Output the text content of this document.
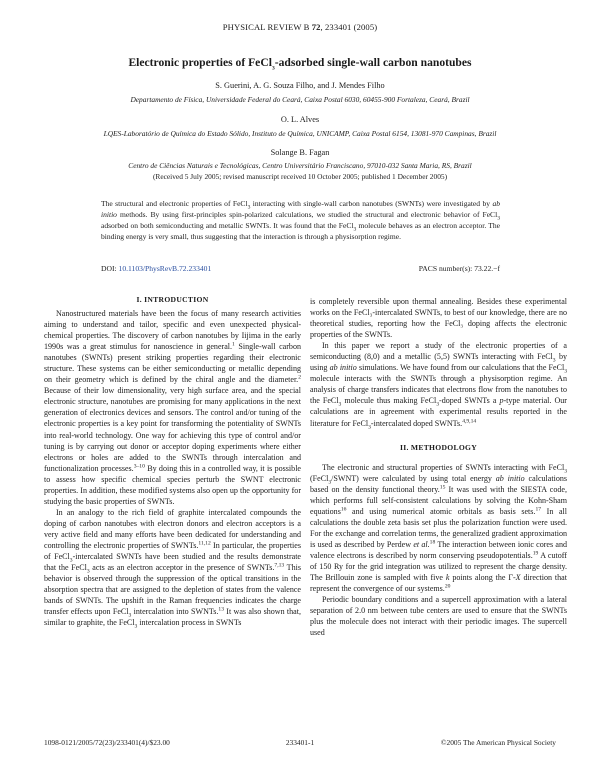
PHYSICAL REVIEW B 72, 233401 (2005)
Electronic properties of FeCl$_3$-adsorbed single-wall carbon nanotubes
S. Guerini, A. G. Souza Filho, and J. Mendes Filho
Departamento de Física, Universidade Federal do Ceará, Caixa Postal 6030, 60455-900 Fortaleza, Ceará, Brazil
O. L. Alves
LQES-Laboratório de Química do Estado Sólido, Instituto de Química, UNICAMP, Caixa Postal 6154, 13081-970 Campinas, Brazil
Solange B. Fagan
Centro de Ciências Naturais e Tecnológicas, Centro Universitário Franciscano, 97010-032 Santa Maria, RS, Brazil
(Received 5 July 2005; revised manuscript received 10 October 2005; published 1 December 2005)
The structural and electronic properties of FeCl$_3$ interacting with single-wall carbon nanotubes (SWNTs) were investigated by ab initio methods. By using first-principles spin-polarized calculations, we studied the structural and electronic behavior of FeCl$_3$ adsorbed on both semiconducting and metallic SWNTs. It was found that the FeCl$_3$ molecule behaves as an electron acceptor. The binding energy is very small, thus suggesting that the interaction is through a physisorption regime.
DOI: 10.1103/PhysRevB.72.233401	PACS number(s): 73.22.−f
I. INTRODUCTION

Nanostructured materials have been the focus of many research activities aiming to understand and tailor, specific and even unexpected physical-chemical properties. The discovery of carbon nanotubes by Iijima in the early 1990s was a great stimulus for nanoscience in general.$^1$ Single-wall carbon nanotubes (SWNTs) present striking properties regarding their electronic structure. These systems can be either semiconducting or metallic depending on their geometry which is defined by the chiral angle and the diameter.$^2$ Because of their low dimensionality, very high surface area, and the special electronic structure, nanotubes are promising for many applications in the next generation of electronics devices and sensors. The control and/or tuning of the electronic properties is a key point for transforming the potentiality of SWNTs into real-world technology. One way for achieving this type of control and/or tuning is by carrying out donor or acceptor doping experiments where either electrons or holes are added to the SWNTs through intercalation and functionalization processes.$^{3-10}$ By doing this in a controlled way, it is possible to assess how specific chemical species perturb the SWNT electronic properties. In addition, these modified systems also open up the opportunity for studying the basic properties of SWNTs.

In an analogy to the rich field of graphite intercalated compounds the doping of carbon nanotubes with electron donors and electron acceptors is a very active field and many efforts have been dedicated for understanding and controlling the electronic properties of SWNTs.$^{11,12}$ In particular, the properties of FeCl$_3$-intercalated SWNTs have been studied and the results demonstrate that the FeCl$_3$ acts as an electron acceptor in the presence of SWNTs.$^{7,13}$ This behavior is observed through the suppression of the optical transitions in the absorption spectra that are assigned to the depletion of states from the valence bands of SWNTs. The upshift in the Raman frequencies indicates the charge transfer effects upon FeCl$_3$ intercalation into SWNTs.$^{13}$ It was also shown that, similar to graphite, the FeCl$_3$ intercalation process in SWNTs

is completely reversible upon thermal annealing. Besides these experimental works on the FeCl₃-intercalated SWNTs, to best of our knowledge, there are no theoretical studies, reporting how the FeCl₃ doping affects the electronic properties of the SWNTs.

In this paper we report a study of the electronic properties of a semiconducting (8,0) and a metallic (5,5) SWNTs interacting with FeCl$_3$ by using ab initio simulations. We have found from our calculations that the FeCl$_3$ molecule interacts with the SWNTs through a physisorption regime. An analysis of charge transfers indicates that electrons flow from the nanotubes to the FeCl$_3$ molecule thus making FeCl$_3$-doped SWNTs a p-type material. Our calculations are in agreement with experimental results reported in the literature for FeCl$_3$-intercalated doped SWNTs.$^{4,9,14}$

II. METHODOLOGY

The electronic and structural properties of SWNTs interacting with FeCl$_3$ (FeCl$_3$/SWNT) were calculated by using total energy ab initio calculations based on the density functional theory.$^{15}$ It was used with the SIESTA code, which performs full self-consistent calculations by solving the Kohn-Sham equations$^{16}$ and using numerical atomic orbitals as basis sets.$^{17}$ In all calculations the double zeta basis set plus the polarization function were used. For the exchange and correlation terms, the generalized gradient approximation is used as described by Perdew et al.$^{18}$ The interaction between ionic cores and valence electrons is described by norm conserving pseudopotentials.$^{19}$ A cutoff of 150 Ry for the grid integration was utilized to represent the charge density. The Brillouin zone is sampled with five k points along the Γ-X direction that represent the convergence of our systems.$^{20}$

Periodic boundary conditions and a supercell approximation with a lateral separation of 2.0 nm between tube centers are used to ensure that the SWNTs plus the molecule does not interact with their periodic images. The supercell used

1098-0121/2005/72(23)/233401(4)/$23.00	233401-1	©2005 The American Physical Society
